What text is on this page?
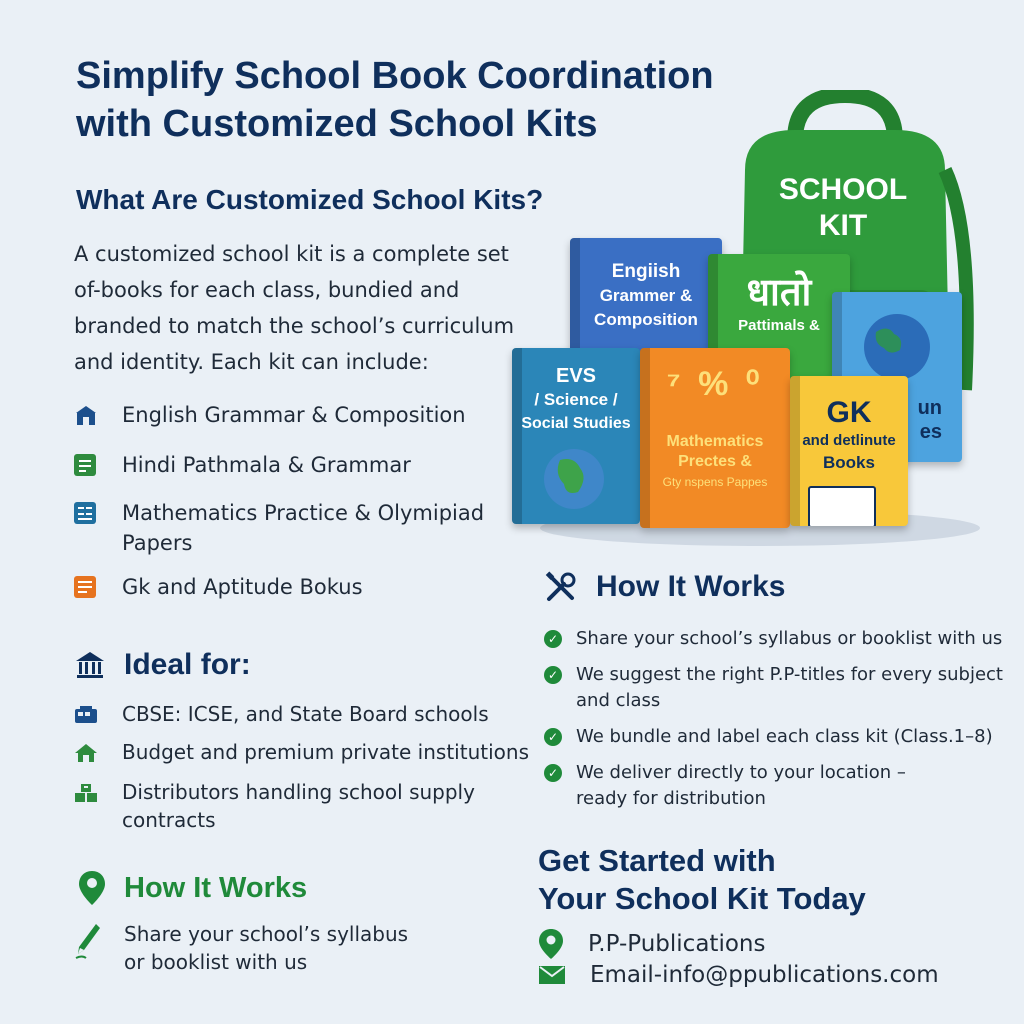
Simplify School Book Coordination
with Customized School Kits
What Are Customized School Kits?
A customized school kit is a complete set
of-books for each class, bundied and
branded to match the school’s curriculum
and identity. Each kit can include:
English Grammar & Composition
Hindi Pathmala & Grammar
Mathematics Practice & Olymipiad
Papers
Gk and Aptitude Bokus
Ideal for:
CBSE: ICSE, and State Board schools
Budget and premium private institutions
Distributors handling school supply
contracts
How It Works
Share your school’s syllabus
or booklist with us
How It Works
✓ Share your school’s syllabus or booklist with us
✓ We suggest the right P.P-titles for every subject
and class
✓ We bundle and label each class kit (Class.1–8)
✓ We deliver directly to your location –
ready for distribution
Get Started with
Your School Kit Today
P.P-Publications
Email-info@ppublications.com
SCHOOL
KIT
Engiish
Grammer &
Composition
धातो
Pattimals &
un
es
EVS
/ Science /
Social Studies
⁷ % ⁰
Mathematics
Prectes &
Gty nspens Pappes
GK
and detlinute
Books
